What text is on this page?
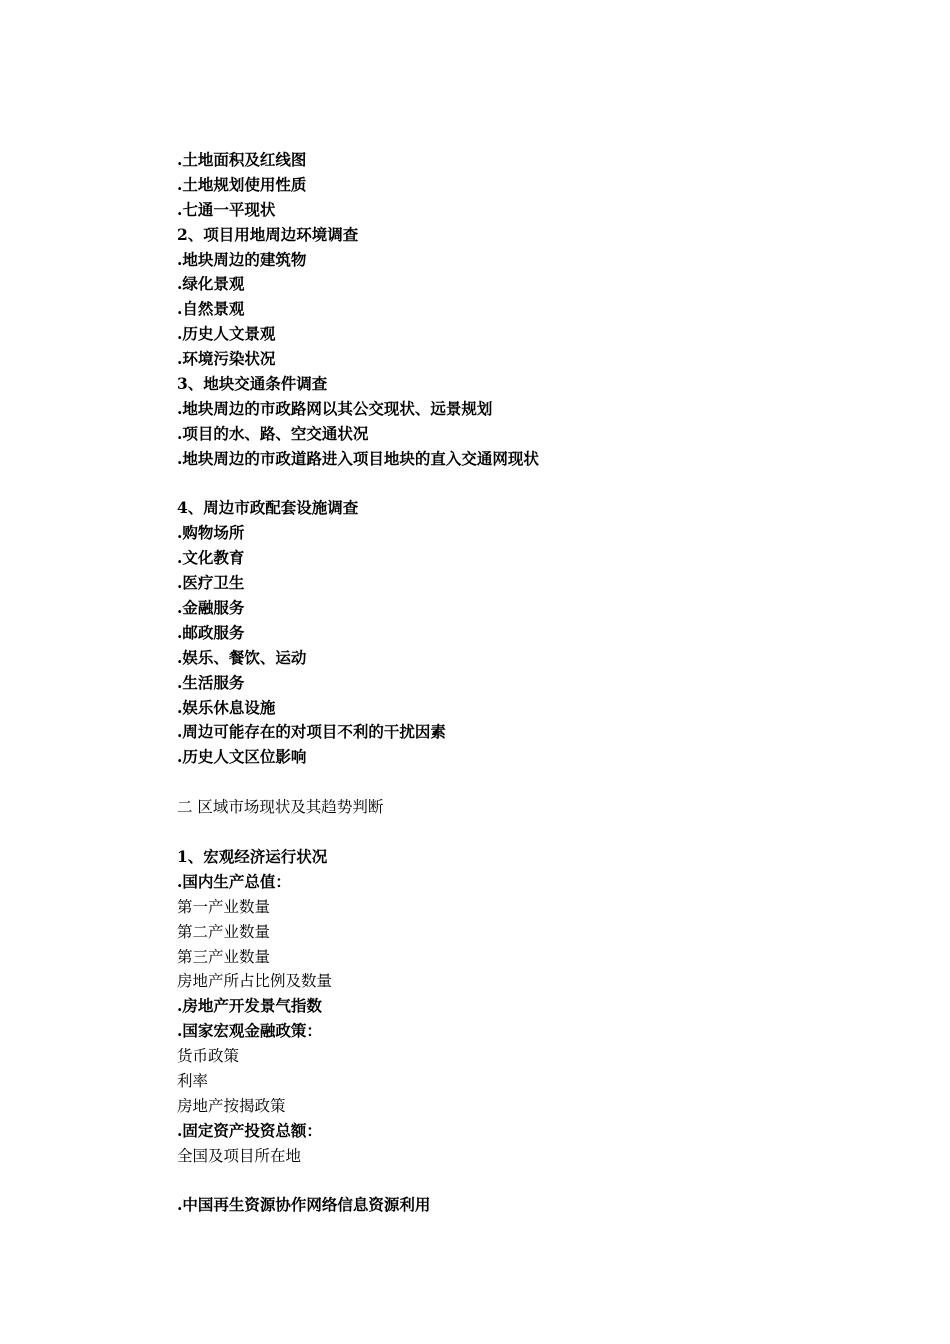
.土地面积及红线图
.土地规划使用性质
.七通一平现状
2、项目用地周边环境调查
.地块周边的建筑物
.绿化景观
.自然景观
.历史人文景观
.环境污染状况
3、地块交通条件调查
.地块周边的市政路网以其公交现状、远景规划
.项目的水、路、空交通状况
.地块周边的市政道路进入项目地块的直入交通网现状
4、周边市政配套设施调查
.购物场所
.文化教育
.医疗卫生
.金融服务
.邮政服务
.娱乐、餐饮、运动
.生活服务
.娱乐休息设施
.周边可能存在的对项目不利的干扰因素
.历史人文区位影响
二 区域市场现状及其趋势判断
1、宏观经济运行状况
.国内生产总值：
第一产业数量
第二产业数量
第三产业数量
房地产所占比例及数量
.房地产开发景气指数
.国家宏观金融政策：
货币政策
利率
房地产按揭政策
.固定资产投资总额：
全国及项目所在地
.中国再生资源协作网络信息资源利用
